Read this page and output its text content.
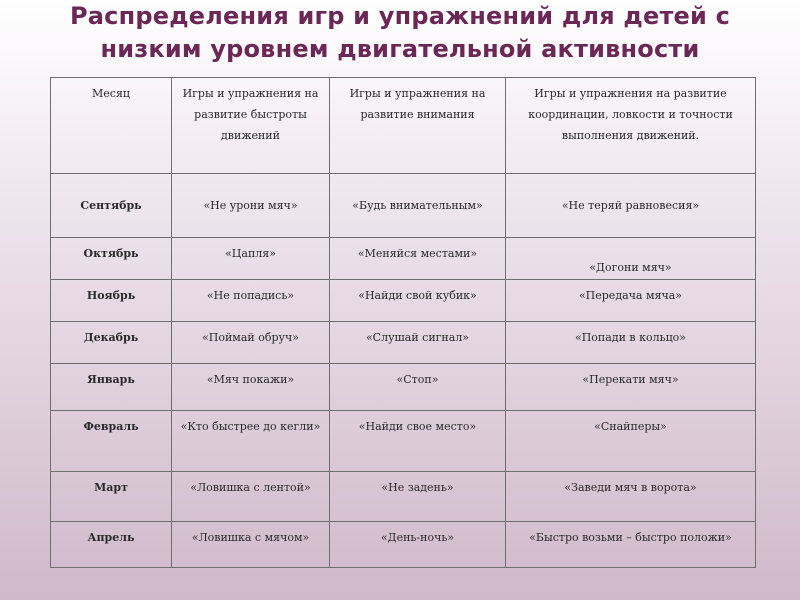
Распределения игр и упражнений для детей с низким уровнем двигательной активности
Месяц	Игры и упражнения на развитие быстроты движений	Игры и упражнения на развитие внимания	Игры и упражнения на развитие координации, ловкости и точности выполнения движений.
Сентябрь	«Не урони мяч»	«Будь внимательным»	«Не теряй равновесия»
Октябрь	«Цапля»	«Меняйся местами»	«Догони мяч»
Ноябрь	«Не попадись»	«Найди свой кубик»	«Передача мяча»
Декабрь	«Поймай обруч»	«Слушай сигнал»	«Попади в кольцо»
Январь	«Мяч покажи»	«Стоп»	«Перекати мяч»
Февраль	«Кто быстрее до кегли»	«Найди свое место»	«Снайперы»
Март	«Ловишка с лентой»	«Не задень»	«Заведи мяч в ворота»
Апрель	«Ловишка с мячом»	«День-ночь»	«Быстро возьми – быстро положи»
